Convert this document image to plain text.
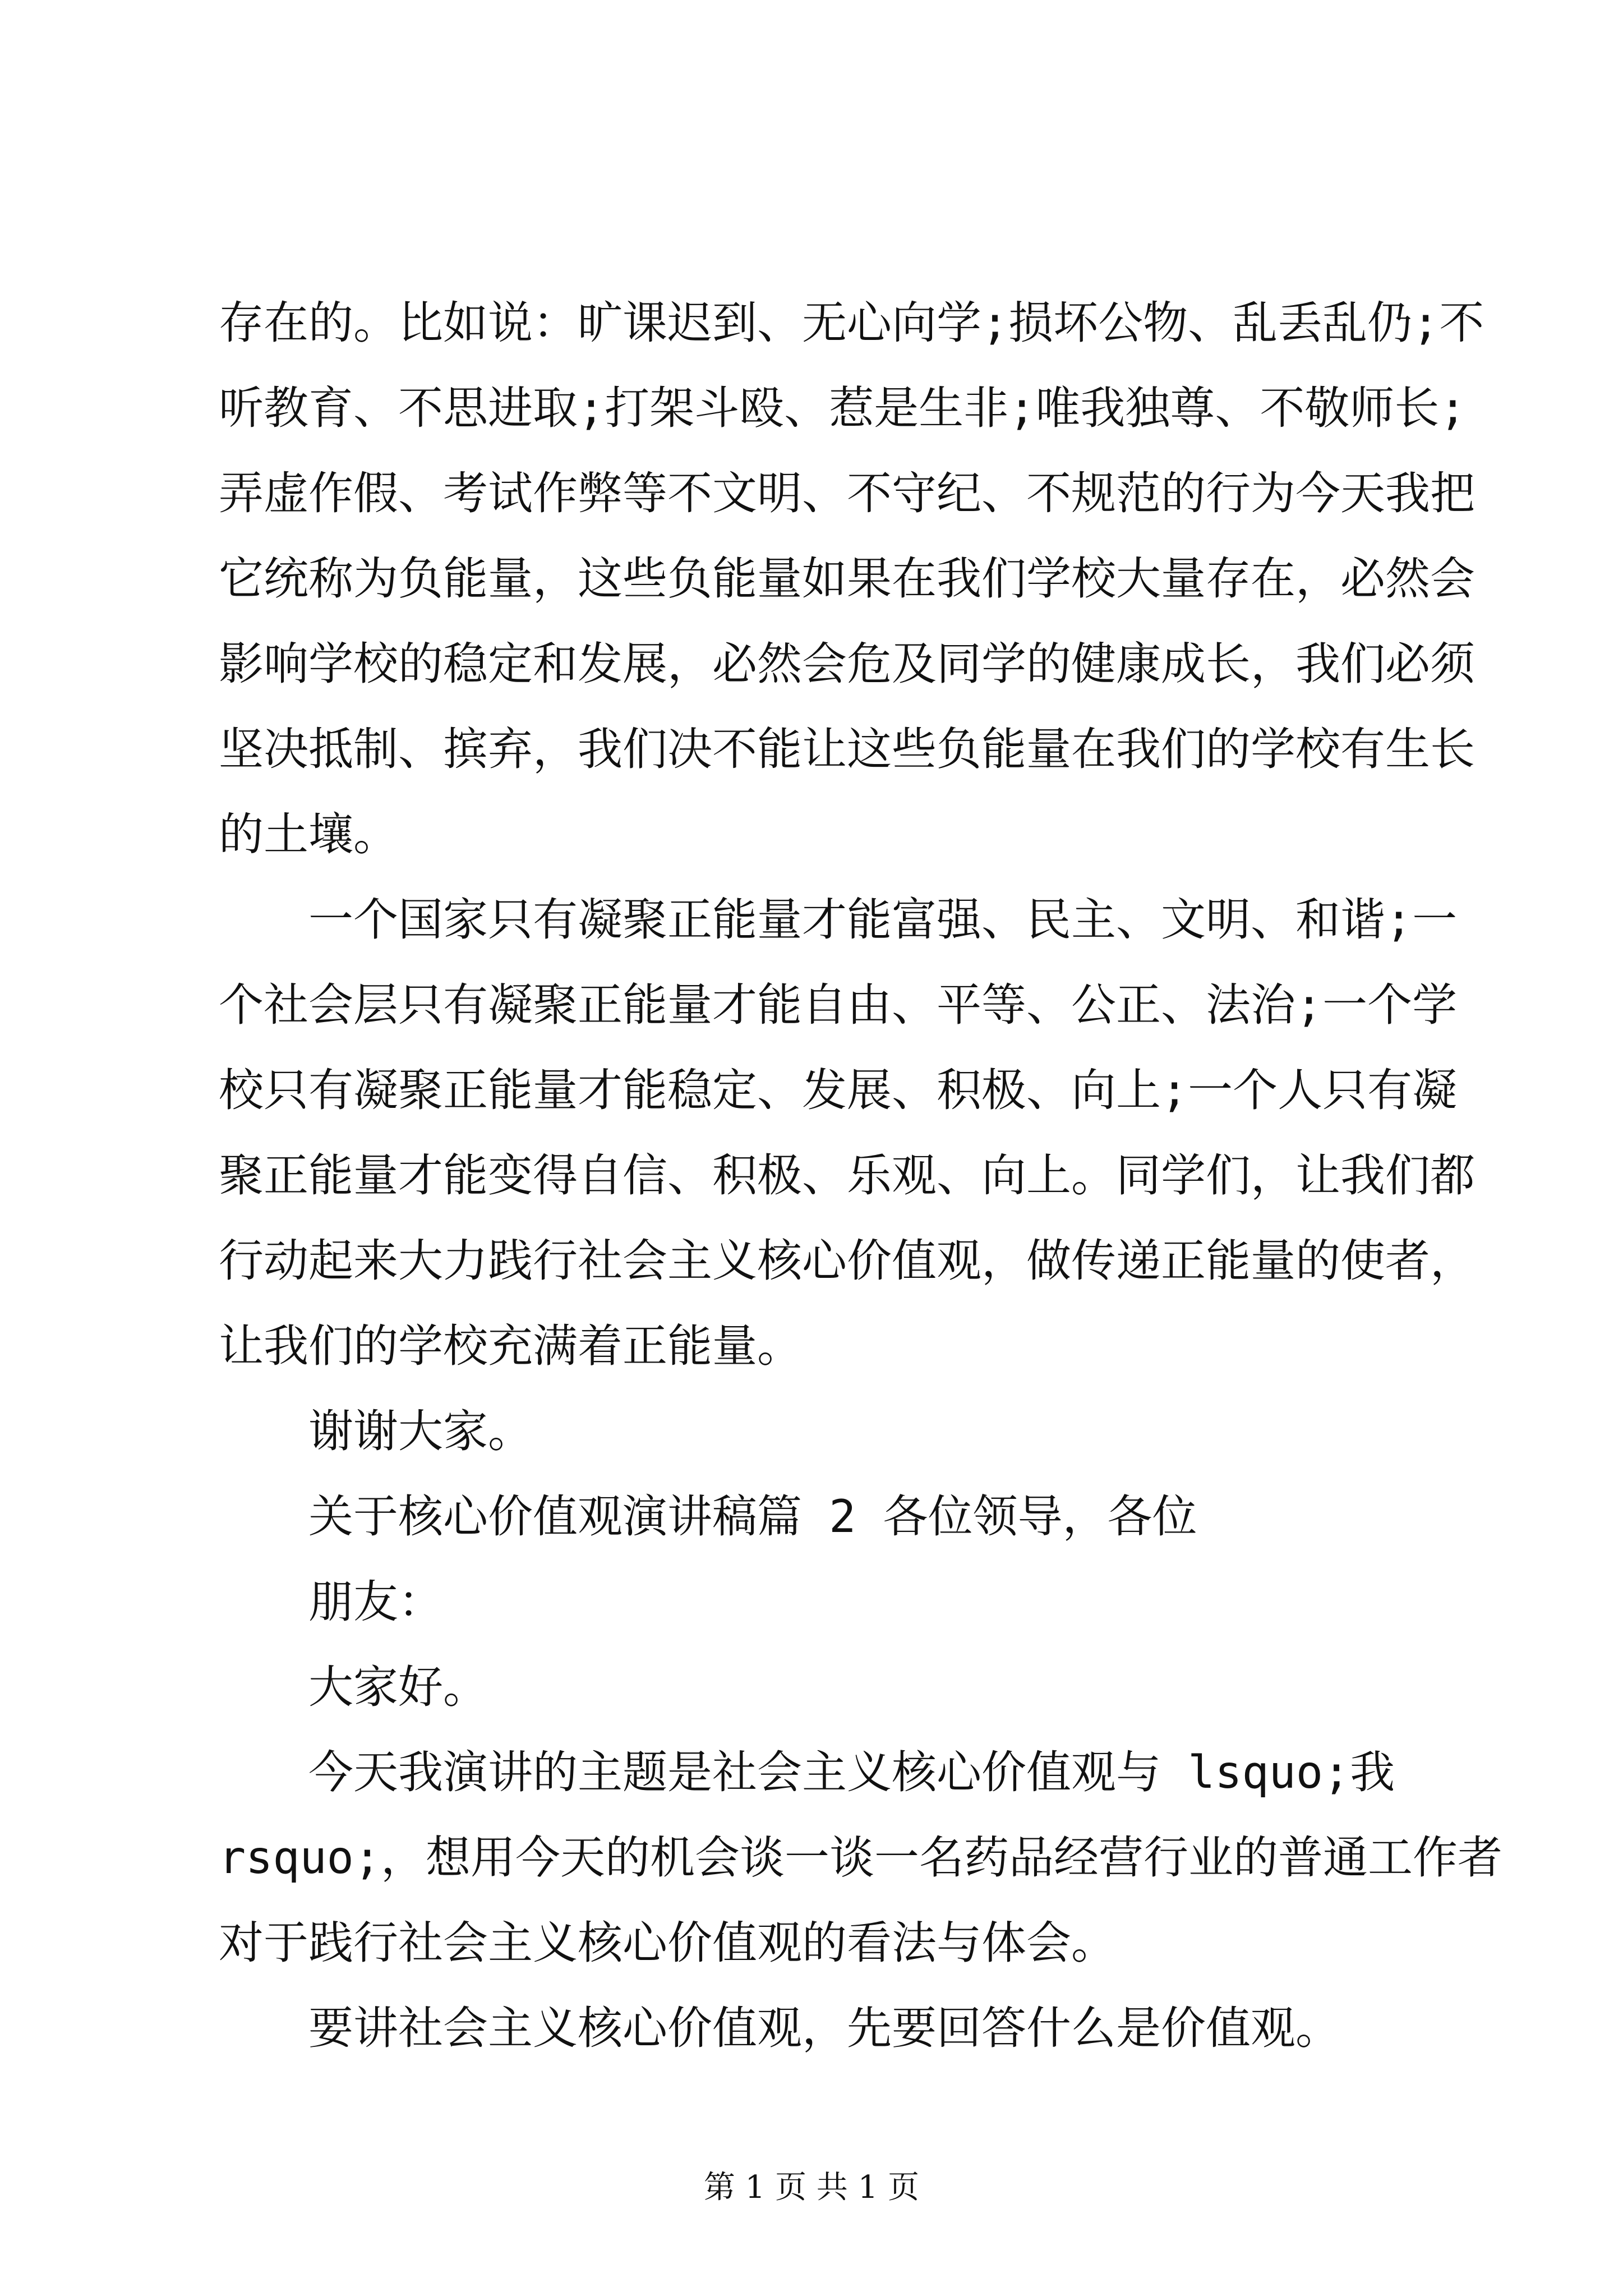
存在的。比如说：旷课迟到、无心向学;损坏公物、乱丢乱仍;不
听教育、不思进取;打架斗殴、惹是生非;唯我独尊、不敬师长;
弄虚作假、考试作弊等不文明、不守纪、不规范的行为今天我把
它统称为负能量，这些负能量如果在我们学校大量存在，必然会
影响学校的稳定和发展，必然会危及同学的健康成长，我们必须
坚决抵制、摈弃，我们决不能让这些负能量在我们的学校有生长
的土壤。
一个国家只有凝聚正能量才能富强、民主、文明、和谐;一
个社会层只有凝聚正能量才能自由、平等、公正、法治;一个学
校只有凝聚正能量才能稳定、发展、积极、向上;一个人只有凝
聚正能量才能变得自信、积极、乐观、向上。同学们，让我们都
行动起来大力践行社会主义核心价值观，做传递正能量的使者，
让我们的学校充满着正能量。
谢谢大家。
关于核心价值观演讲稿篇 2 各位领导，各位
朋友：
大家好。
今天我演讲的主题是社会主义核心价值观与 lsquo;我
rsquo;，想用今天的机会谈一谈一名药品经营行业的普通工作者
对于践行社会主义核心价值观的看法与体会。
要讲社会主义核心价值观，先要回答什么是价值观。
第 1 页 共 1 页
